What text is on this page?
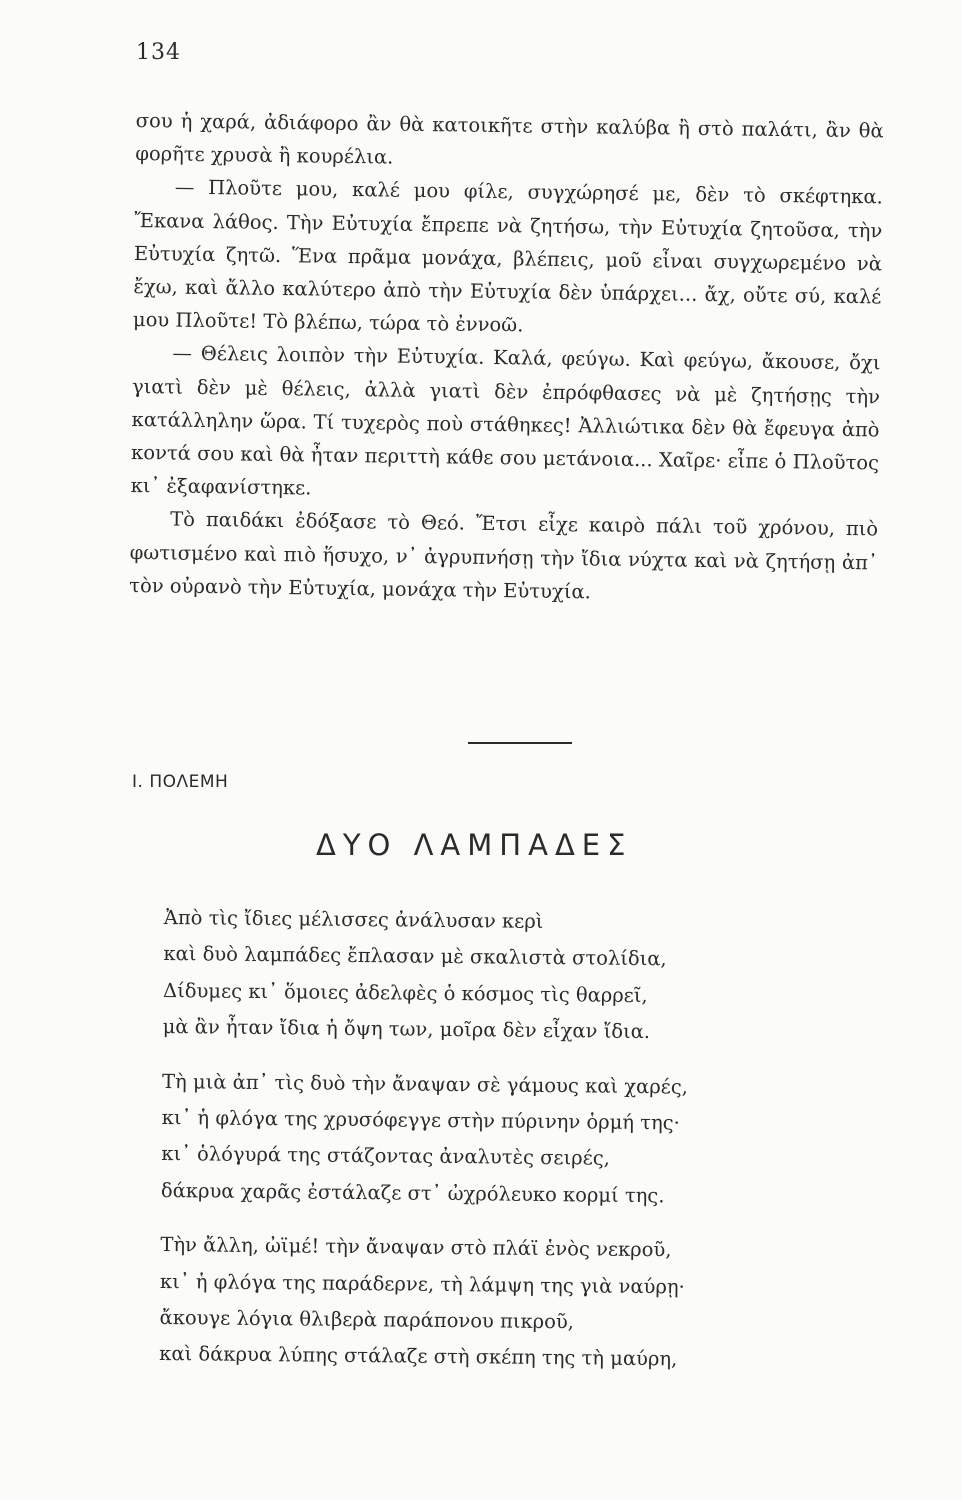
134

σου ἡ χαρά, ἀδιάφορο ἂν θὰ κατοικῆτε στὴν καλύβα ἢ στὸ παλάτι, ἂν θὰ φορῆτε χρυσὰ ἢ κουρέλια.

— Πλοῦτε μου, καλέ μου φίλε, συγχώρησέ με, δὲν τὸ σκέφτηκα. Ἔκανα λάθος. Τὴν Εὐτυχία ἔπρεπε νὰ ζητήσω, τὴν Εὐτυχία ζητοῦσα, τὴν Εὐτυχία ζητῶ. Ἕνα πρᾶμα μονάχα, βλέπεις, μοῦ εἶναι συγχωρεμένο νὰ ἔχω, καὶ ἄλλο καλύτερο ἀπὸ τὴν Εὐτυχία δὲν ὑπάρχει... ἄχ, οὔτε σύ, καλέ μου Πλοῦτε! Τὸ βλέπω, τώρα τὸ ἐννοῶ.

— Θέλεις λοιπὸν τὴν Εὐτυχία. Καλά, φεύγω. Καὶ φεύγω, ἄκουσε, ὄχι γιατὶ δὲν μὲ θέλεις, ἀλλὰ γιατὶ δὲν ἐπρόφθασες νὰ μὲ ζητήσῃς τὴν κατάλληλην ὥρα. Τί τυχερὸς ποὺ στάθηκες! Ἀλλιώτικα δὲν θὰ ἔφευγα ἀπὸ κοντά σου καὶ θὰ ἦταν περιττὴ κάθε σου μετάνοια... Χαῖρε· εἶπε ὁ Πλοῦτος κι᾿ ἐξαφανίστηκε.

Τὸ παιδάκι ἐδόξασε τὸ Θεό. Ἔτσι εἶχε καιρὸ πάλι τοῦ χρόνου, πιὸ φωτισμένο καὶ πιὸ ἥσυχο, ν᾿ ἀγρυπνήσῃ τὴν ἴδια νύχτα καὶ νὰ ζητήσῃ ἀπ᾿ τὸν οὐρανὸ τὴν Εὐτυχία, μονάχα τὴν Εὐτυχία.

Ι. ΠΟΛΕΜΗ
ΔΥΟ ΛΑΜΠΑΔΕΣ
Ἀπὸ τὶς ἴδιες μέλισσες ἀνάλυσαν κερὶ
καὶ δυὸ λαμπάδες ἔπλασαν μὲ σκαλιστὰ στολίδια,
Δίδυμες κι᾿ ὅμοιες ἀδελφὲς ὁ κόσμος τὶς θαρρεῖ,
μὰ ἂν ἦταν ἴδια ἡ ὄψη των, μοῖρα δὲν εἶχαν ἴδια.
Τὴ μιὰ ἀπ᾿ τὶς δυὸ τὴν ἄναψαν σὲ γάμους καὶ χαρές,
κι᾿ ἡ φλόγα της χρυσόφεγγε στὴν πύρινην ὁρμή της·
κι᾿ ὁλόγυρά της στάζοντας ἀναλυτὲς σειρές,
δάκρυα χαρᾶς ἐστάλαζε στ᾿ ὠχρόλευκο κορμί της.
Τὴν ἄλλη, ὠϊμέ! τὴν ἄναψαν στὸ πλάϊ ἑνὸς νεκροῦ,
κι᾿ ἡ φλόγα της παράδερνε, τὴ λάμψη της γιὰ ναύρῃ·
ἄκουγε λόγια θλιβερὰ παράπονου πικροῦ,
καὶ δάκρυα λύπης στάλαζε στὴ σκέπη της τὴ μαύρη,
